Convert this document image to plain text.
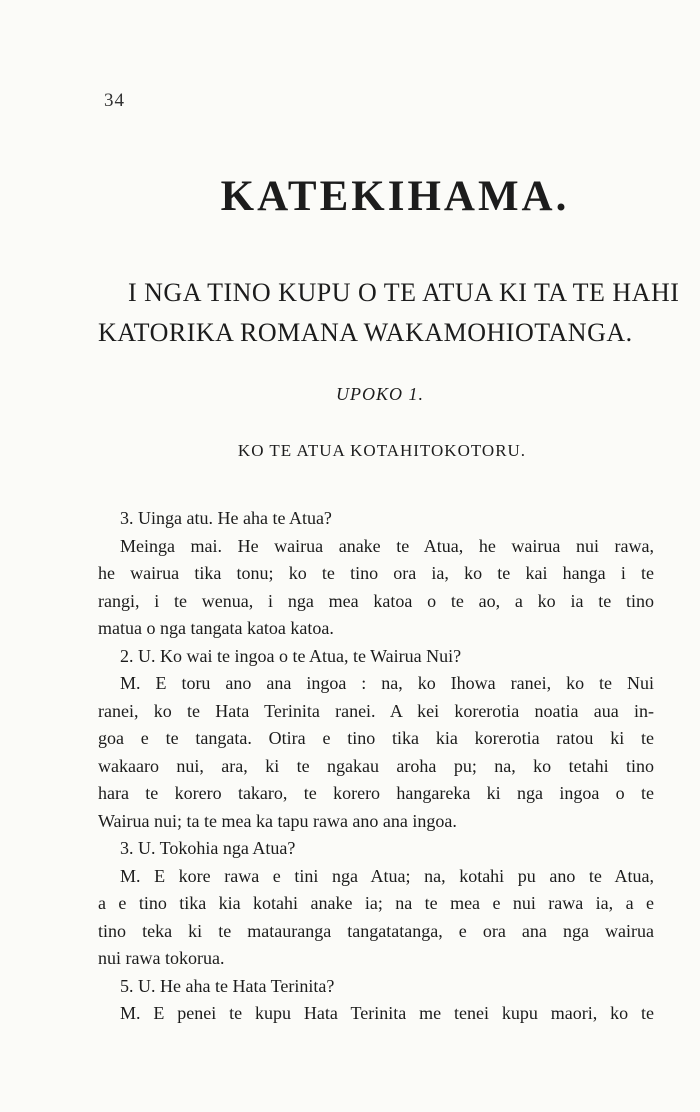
34
KATEKIHAMA.
I NGA TINO KUPU O TE ATUA KI TA TE HAHI
KATORIKA ROMANA WAKAMOHIOTANGA.
UPOKO 1.
KO TE ATUA KOTAHITOKOTORU.
3. Uinga atu. He aha te Atua?
Meinga mai. He wairua anake te Atua, he wairua nui rawa,
he wairua tika tonu; ko te tino ora ia, ko te kai hanga i te
rangi, i te wenua, i nga mea katoa o te ao, a ko ia te tino
matua o nga tangata katoa katoa.
2. U. Ko wai te ingoa o te Atua, te Wairua Nui?
M. E toru ano ana ingoa : na, ko Ihowa ranei, ko te Nui
ranei, ko te Hata Terinita ranei. A kei korerotia noatia aua in-
goa e te tangata. Otira e tino tika kia korerotia ratou ki te
wakaaro nui, ara, ki te ngakau aroha pu; na, ko tetahi tino
hara te korero takaro, te korero hangareka ki nga ingoa o te
Wairua nui; ta te mea ka tapu rawa ano ana ingoa.
3. U. Tokohia nga Atua?
M. E kore rawa e tini nga Atua; na, kotahi pu ano te Atua,
a e tino tika kia kotahi anake ia; na te mea e nui rawa ia, a e
tino teka ki te matauranga tangatatanga, e ora ana nga wairua
nui rawa tokorua.
5. U. He aha te Hata Terinita?
M. E penei te kupu Hata Terinita me tenei kupu maori, ko te
